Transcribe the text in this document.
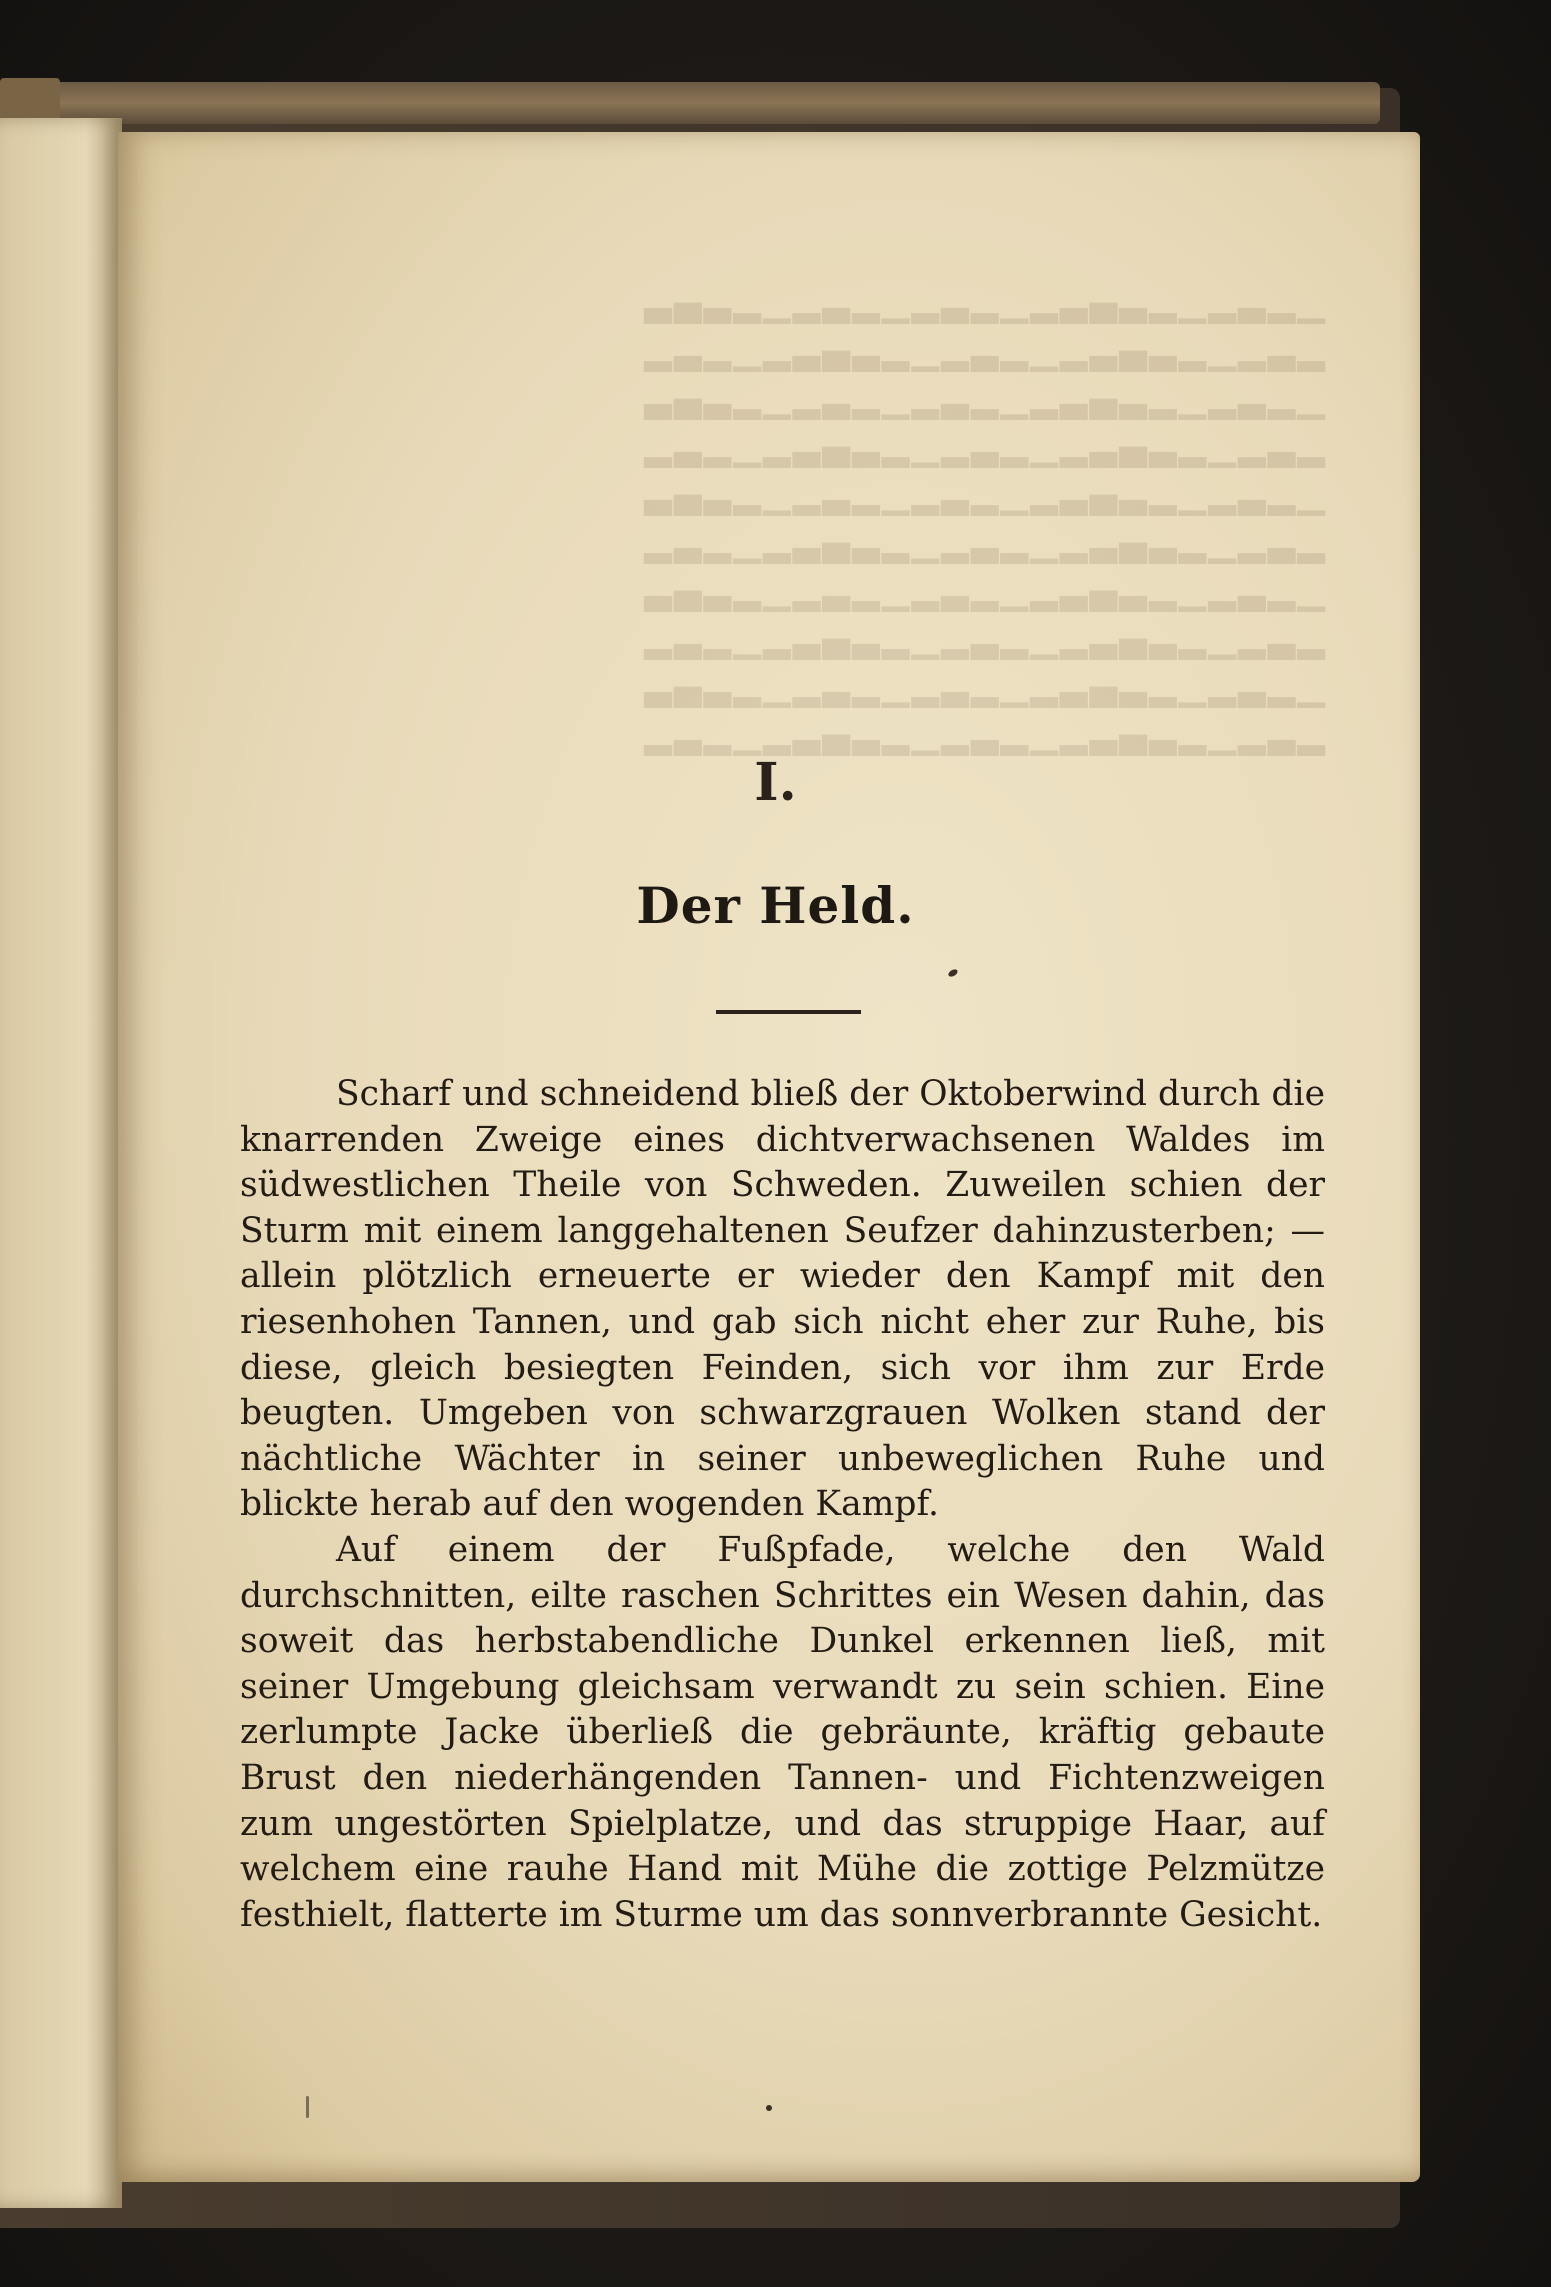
▁▂▃▂▁▂▃▄▃▂▁▂▃▂▁▂▃▂▁▂▃▄▃
▂▃▂▁▂▃▄▃▂▁▂▃▂▁▂▃▄▃▂▁▂▃▂
▁▂▃▂▁▂▃▄▃▂▁▂▃▂▁▂▃▂▁▂▃▄▃
▂▃▂▁▂▃▄▃▂▁▂▃▂▁▂▃▄▃▂▁▂▃▂
▁▂▃▂▁▂▃▄▃▂▁▂▃▂▁▂▃▂▁▂▃▄▃
▂▃▂▁▂▃▄▃▂▁▂▃▂▁▂▃▄▃▂▁▂▃▂
▁▂▃▂▁▂▃▄▃▂▁▂▃▂▁▂▃▂▁▂▃▄▃
▂▃▂▁▂▃▄▃▂▁▂▃▂▁▂▃▄▃▂▁▂▃▂
▁▂▃▂▁▂▃▄▃▂▁▂▃▂▁▂▃▂▁▂▃▄▃
▂▃▂▁▂▃▄▃▂▁▂▃▂▁▂▃▄▃▂▁▂▃▂
I.
Der Held.

Scharf und schneidend bließ der Oktoberwind durch die knarrenden Zweige eines dichtverwachsenen Waldes im südwestlichen Theile von Schweden. Zuweilen schien der Sturm mit einem langgehaltenen Seufzer dahinzusterben; — allein plötzlich erneuerte er wieder den Kampf mit den riesenhohen Tannen, und gab sich nicht eher zur Ruhe, bis diese, gleich besiegten Feinden, sich vor ihm zur Erde beugten. Umgeben von schwarzgrauen Wolken stand der nächtliche Wächter in seiner unbeweglichen Ruhe und blickte herab auf den wogenden Kampf.

Auf einem der Fußpfade, welche den Wald durchschnitten, eilte raschen Schrittes ein Wesen dahin, das soweit das herbstabendliche Dunkel erkennen ließ, mit seiner Umgebung gleichsam verwandt zu sein schien. Eine zerlumpte Jacke überließ die gebräunte, kräftig gebaute Brust den niederhängenden Tannen- und Fichtenzweigen zum ungestörten Spielplatze, und das struppige Haar, auf welchem eine rauhe Hand mit Mühe die zottige Pelzmütze festhielt, flatterte im Sturme um das sonnverbrannte Gesicht.
